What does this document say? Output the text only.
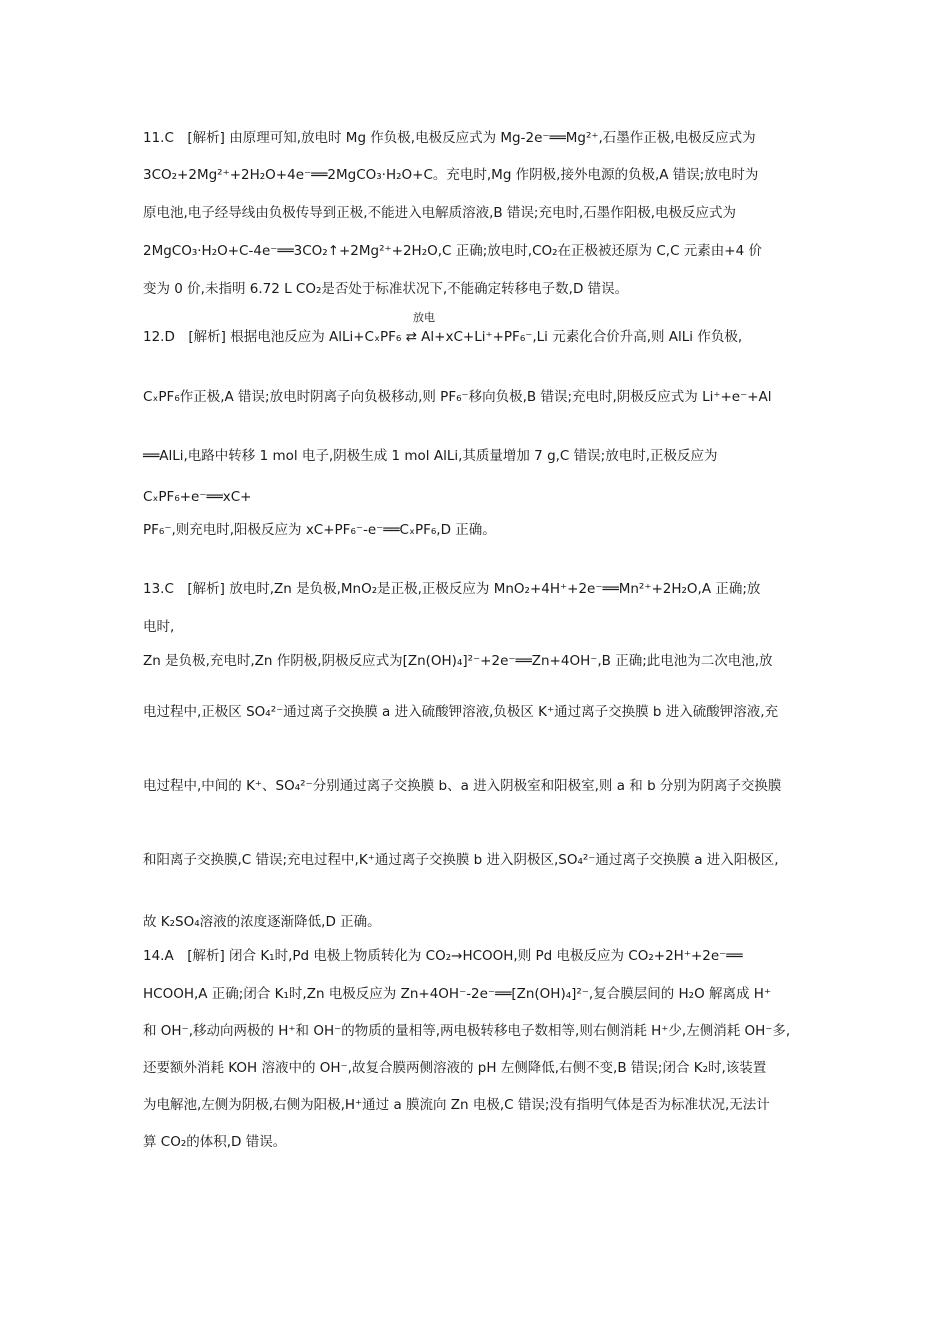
11.C [解析] 由原理可知,放电时 Mg 作负极,电极反应式为 Mg-2e⁻══Mg²⁺,石墨作正极,电极反应式为
3CO₂+2Mg²⁺+2H₂O+4e⁻══2MgCO₃·H₂O+C。充电时,Mg 作阴极,接外电源的负极,A 错误;放电时为
原电池,电子经导线由负极传导到正极,不能进入电解质溶液,B 错误;充电时,石墨作阳极,电极反应式为
2MgCO₃·H₂O+C-4e⁻══3CO₂↑+2Mg²⁺+2H₂O,C 正确;放电时,CO₂在正极被还原为 C,C 元素由+4 价
变为 0 价,未指明 6.72 L CO₂是否处于标准状况下,不能确定转移电子数,D 错误。
12.D [解析] 根据电池反应为 AlLi+CₓPF₆ ⇄ Al+xC+Li⁺+PF₆⁻,Li 元素化合价升高,则 AlLi 作负极,
CₓPF₆作正极,A 错误;放电时阴离子向负极移动,则 PF₆⁻移向负极,B 错误;充电时,阴极反应式为 Li⁺+e⁻+Al
══AlLi,电路中转移 1 mol 电子,阴极生成 1 mol AlLi,其质量增加 7 g,C 错误;放电时,正极反应为
CₓPF₆+e⁻══xC+
PF₆⁻,则充电时,阳极反应为 xC+PF₆⁻-e⁻══CₓPF₆,D 正确。
13.C [解析] 放电时,Zn 是负极,MnO₂是正极,正极反应为 MnO₂+4H⁺+2e⁻══Mn²⁺+2H₂O,A 正确;放
电时,
Zn 是负极,充电时,Zn 作阴极,阴极反应式为[Zn(OH)₄]²⁻+2e⁻══Zn+4OH⁻,B 正确;此电池为二次电池,放
电过程中,正极区 SO₄²⁻通过离子交换膜 a 进入硫酸钾溶液,负极区 K⁺通过离子交换膜 b 进入硫酸钾溶液,充
电过程中,中间的 K⁺、SO₄²⁻分别通过离子交换膜 b、a 进入阴极室和阳极室,则 a 和 b 分别为阴离子交换膜
和阳离子交换膜,C 错误;充电过程中,K⁺通过离子交换膜 b 进入阴极区,SO₄²⁻通过离子交换膜 a 进入阳极区,
故 K₂SO₄溶液的浓度逐渐降低,D 正确。
14.A [解析] 闭合 K₁时,Pd 电极上物质转化为 CO₂→HCOOH,则 Pd 电极反应为 CO₂+2H⁺+2e⁻══
HCOOH,A 正确;闭合 K₁时,Zn 电极反应为 Zn+4OH⁻-2e⁻══[Zn(OH)₄]²⁻,复合膜层间的 H₂O 解离成 H⁺
和 OH⁻,移动向两极的 H⁺和 OH⁻的物质的量相等,两电极转移电子数相等,则右侧消耗 H⁺少,左侧消耗 OH⁻多,
还要额外消耗 KOH 溶液中的 OH⁻,故复合膜两侧溶液的 pH 左侧降低,右侧不变,B 错误;闭合 K₂时,该装置
为电解池,左侧为阴极,右侧为阳极,H⁺通过 a 膜流向 Zn 电极,C 错误;没有指明气体是否为标准状况,无法计
算 CO₂的体积,D 错误。
放电
